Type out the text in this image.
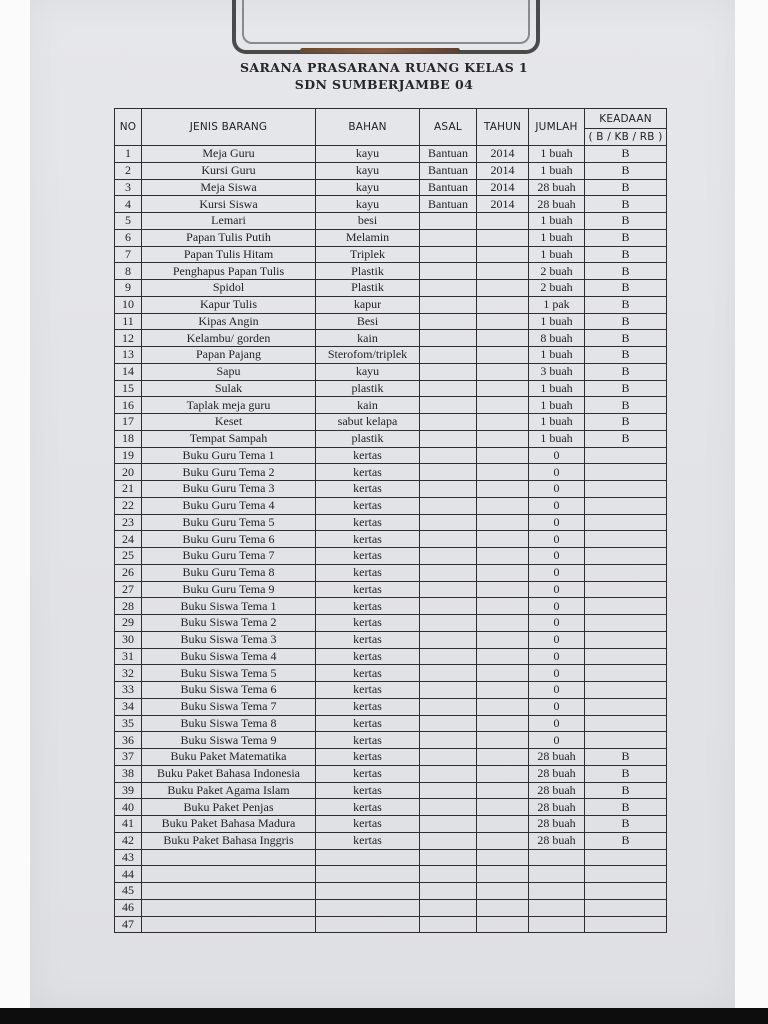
SARANA PRASARANA RUANG KELAS 1
SDN SUMBERJAMBE 04
NO	JENIS BARANG	BAHAN	ASAL	TAHUN	JUMLAH	KEADAAN
						( B / KB / RB )
1	Meja Guru	kayu	Bantuan	2014	1 buah	B
2	Kursi Guru	kayu	Bantuan	2014	1 buah	B
3	Meja Siswa	kayu	Bantuan	2014	28 buah	B
4	Kursi Siswa	kayu	Bantuan	2014	28 buah	B
5	Lemari	besi			1 buah	B
6	Papan Tulis Putih	Melamin			1 buah	B
7	Papan Tulis Hitam	Triplek			1 buah	B
8	Penghapus Papan Tulis	Plastik			2 buah	B
9	Spidol	Plastik			2 buah	B
10	Kapur Tulis	kapur			1 pak	B
11	Kipas Angin	Besi			1 buah	B
12	Kelambu/ gorden	kain			8 buah	B
13	Papan Pajang	Sterofom/triplek			1 buah	B
14	Sapu	kayu			3 buah	B
15	Sulak	plastik			1 buah	B
16	Taplak meja guru	kain			1 buah	B
17	Keset	sabut kelapa			1 buah	B
18	Tempat Sampah	plastik			1 buah	B
19	Buku Guru Tema 1	kertas			0	
20	Buku Guru Tema 2	kertas			0	
21	Buku Guru Tema 3	kertas			0	
22	Buku Guru Tema 4	kertas			0	
23	Buku Guru Tema 5	kertas			0	
24	Buku Guru Tema 6	kertas			0	
25	Buku Guru Tema 7	kertas			0	
26	Buku Guru Tema 8	kertas			0	
27	Buku Guru Tema 9	kertas			0	
28	Buku Siswa Tema 1	kertas			0	
29	Buku Siswa Tema 2	kertas			0	
30	Buku Siswa Tema 3	kertas			0	
31	Buku Siswa Tema 4	kertas			0	
32	Buku Siswa Tema 5	kertas			0	
33	Buku Siswa Tema 6	kertas			0	
34	Buku Siswa Tema 7	kertas			0	
35	Buku Siswa Tema 8	kertas			0	
36	Buku Siswa Tema 9	kertas			0	
37	Buku Paket Matematika	kertas			28 buah	B
38	Buku Paket Bahasa Indonesia	kertas			28 buah	B
39	Buku Paket Agama Islam	kertas			28 buah	B
40	Buku Paket Penjas	kertas			28 buah	B
41	Buku Paket Bahasa Madura	kertas			28 buah	B
42	Buku Paket Bahasa Inggris	kertas			28 buah	B
43						
44						
45						
46						
47						
